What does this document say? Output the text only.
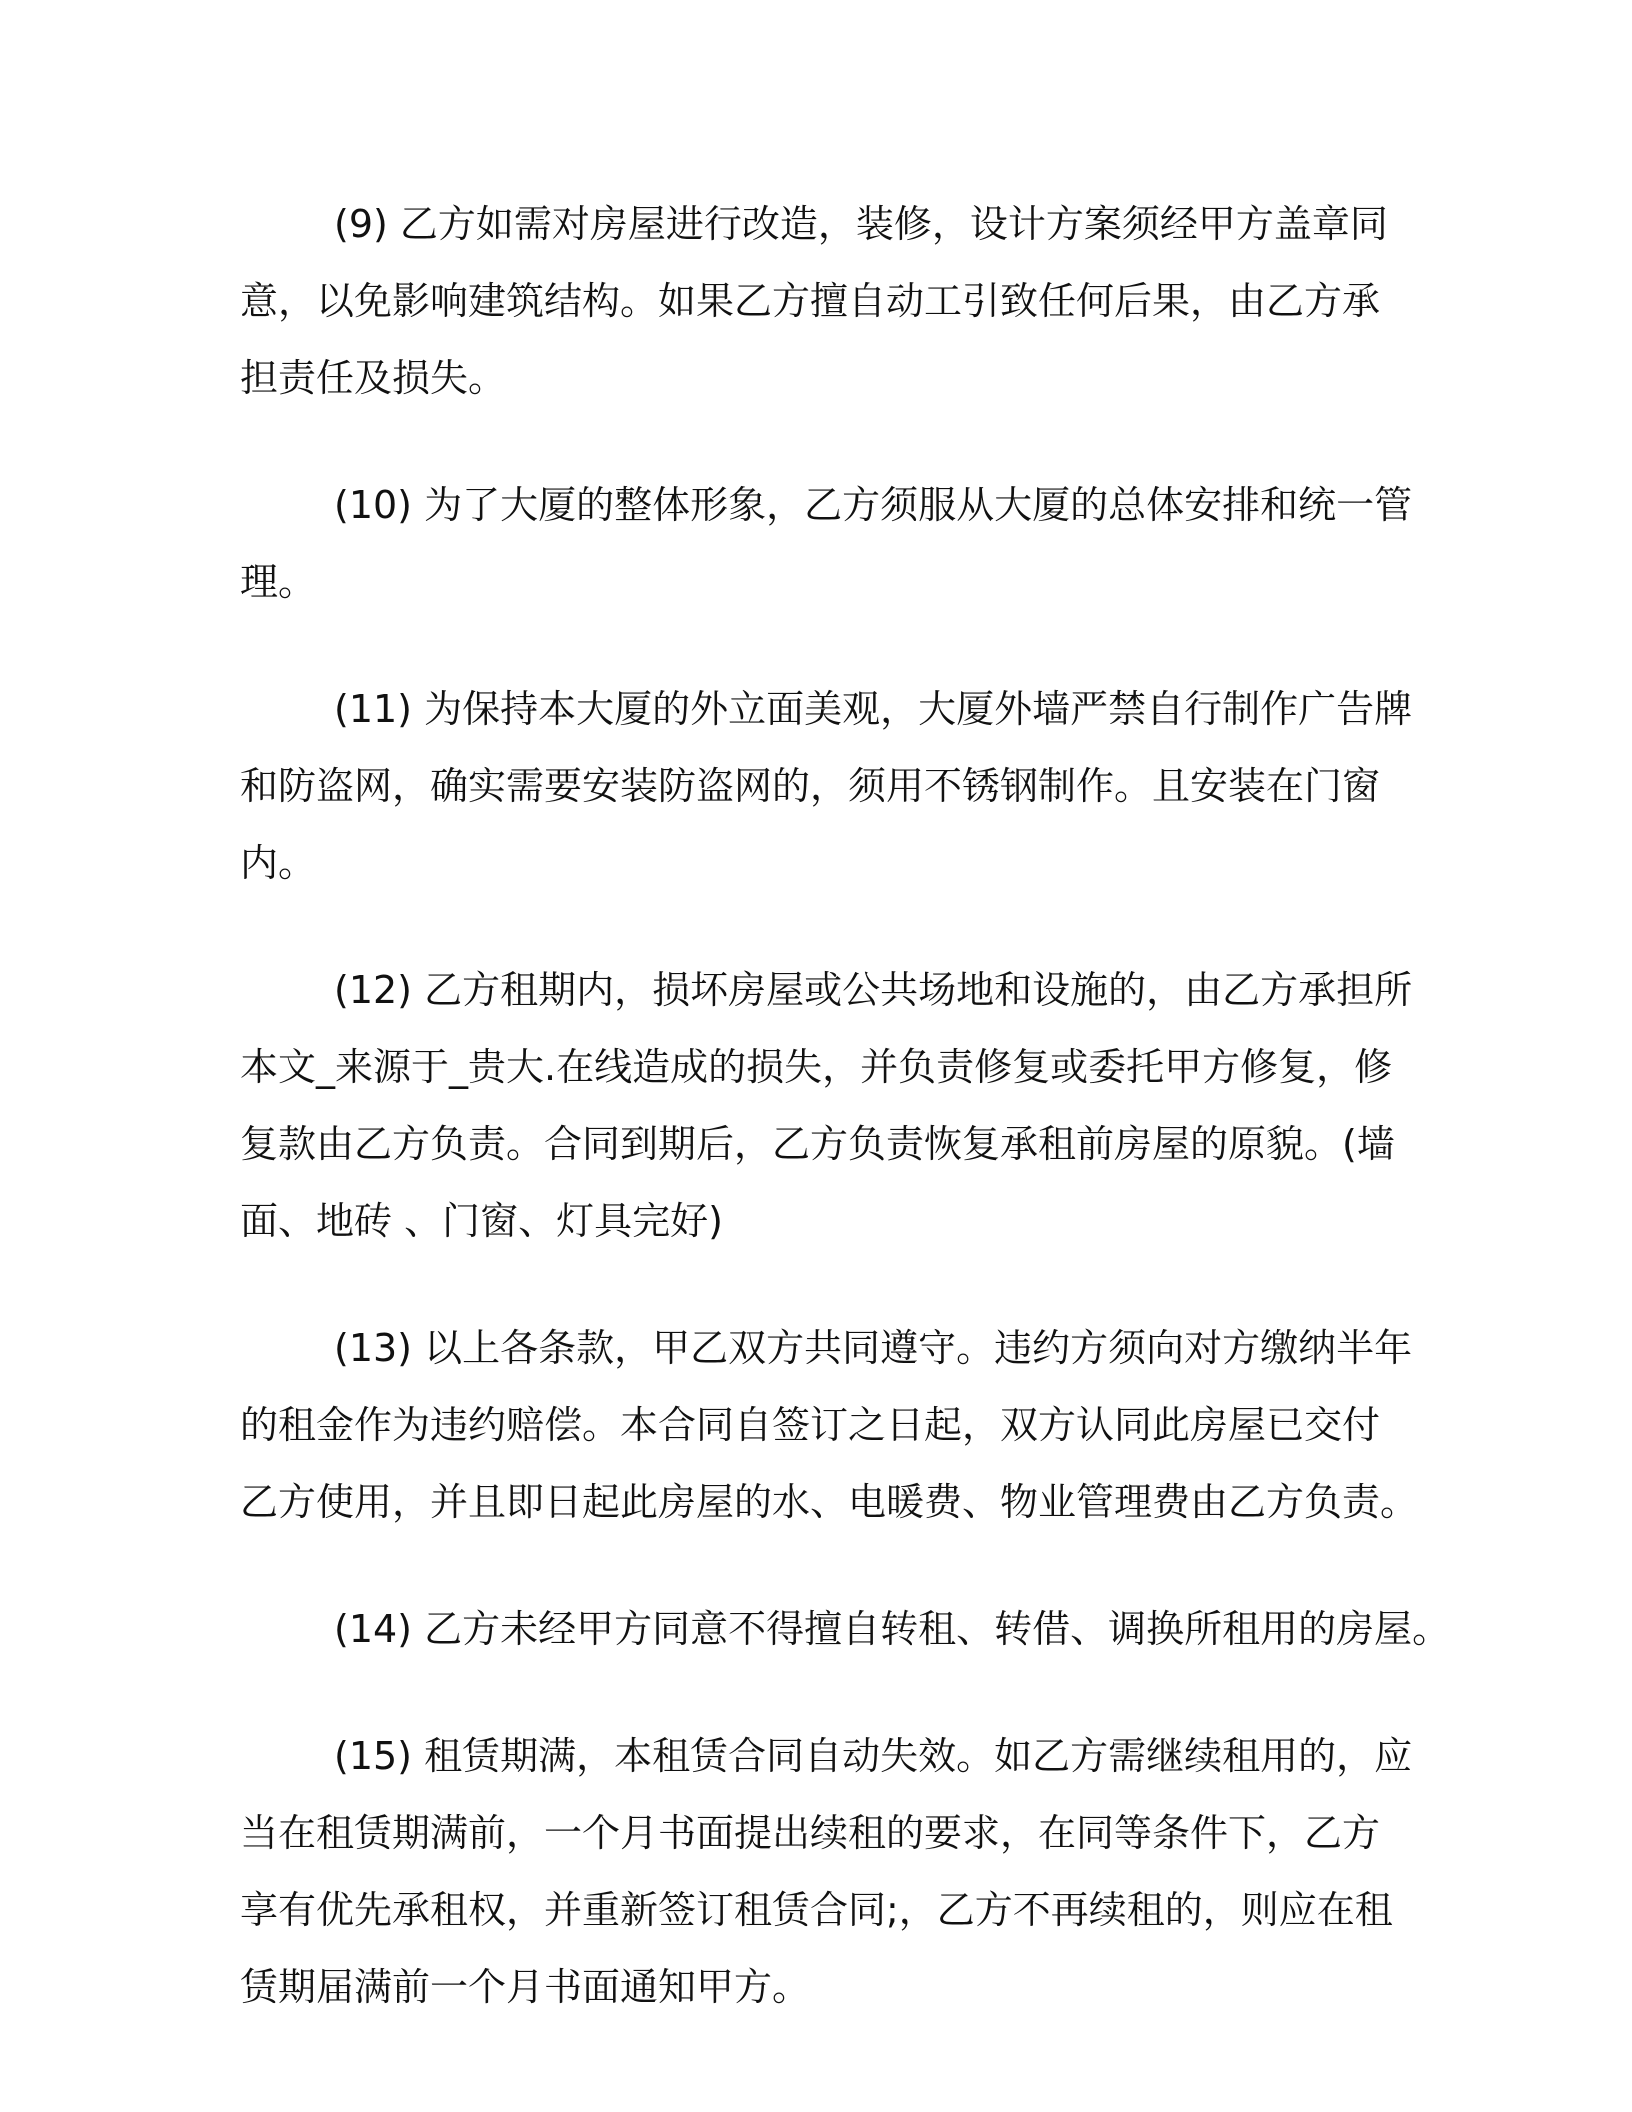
(9) 乙方如需对房屋进行改造，装修，设计方案须经甲方盖章同
意，以免影响建筑结构。如果乙方擅自动工引致任何后果，由乙方承
担责任及损失。
(10) 为了大厦的整体形象，乙方须服从大厦的总体安排和统一管
理。
(11) 为保持本大厦的外立面美观，大厦外墙严禁自行制作广告牌
和防盗网，确实需要安装防盗网的，须用不锈钢制作。且安装在门窗
内。
(12) 乙方租期内，损坏房屋或公共场地和设施的，由乙方承担所
本文_来源于_贵大.在线造成的损失，并负责修复或委托甲方修复，修
复款由乙方负责。合同到期后，乙方负责恢复承租前房屋的原貌。(墙
面、地砖 、门窗、灯具完好)
(13) 以上各条款，甲乙双方共同遵守。违约方须向对方缴纳半年
的租金作为违约赔偿。本合同自签订之日起，双方认同此房屋已交付
乙方使用，并且即日起此房屋的水、电暖费、物业管理费由乙方负责。
(14) 乙方未经甲方同意不得擅自转租、转借、调换所租用的房屋。
(15) 租赁期满，本租赁合同自动失效。如乙方需继续租用的，应
当在租赁期满前，一个月书面提出续租的要求，在同等条件下，乙方
享有优先承租权，并重新签订租赁合同;，乙方不再续租的，则应在租
赁期届满前一个月书面通知甲方。
